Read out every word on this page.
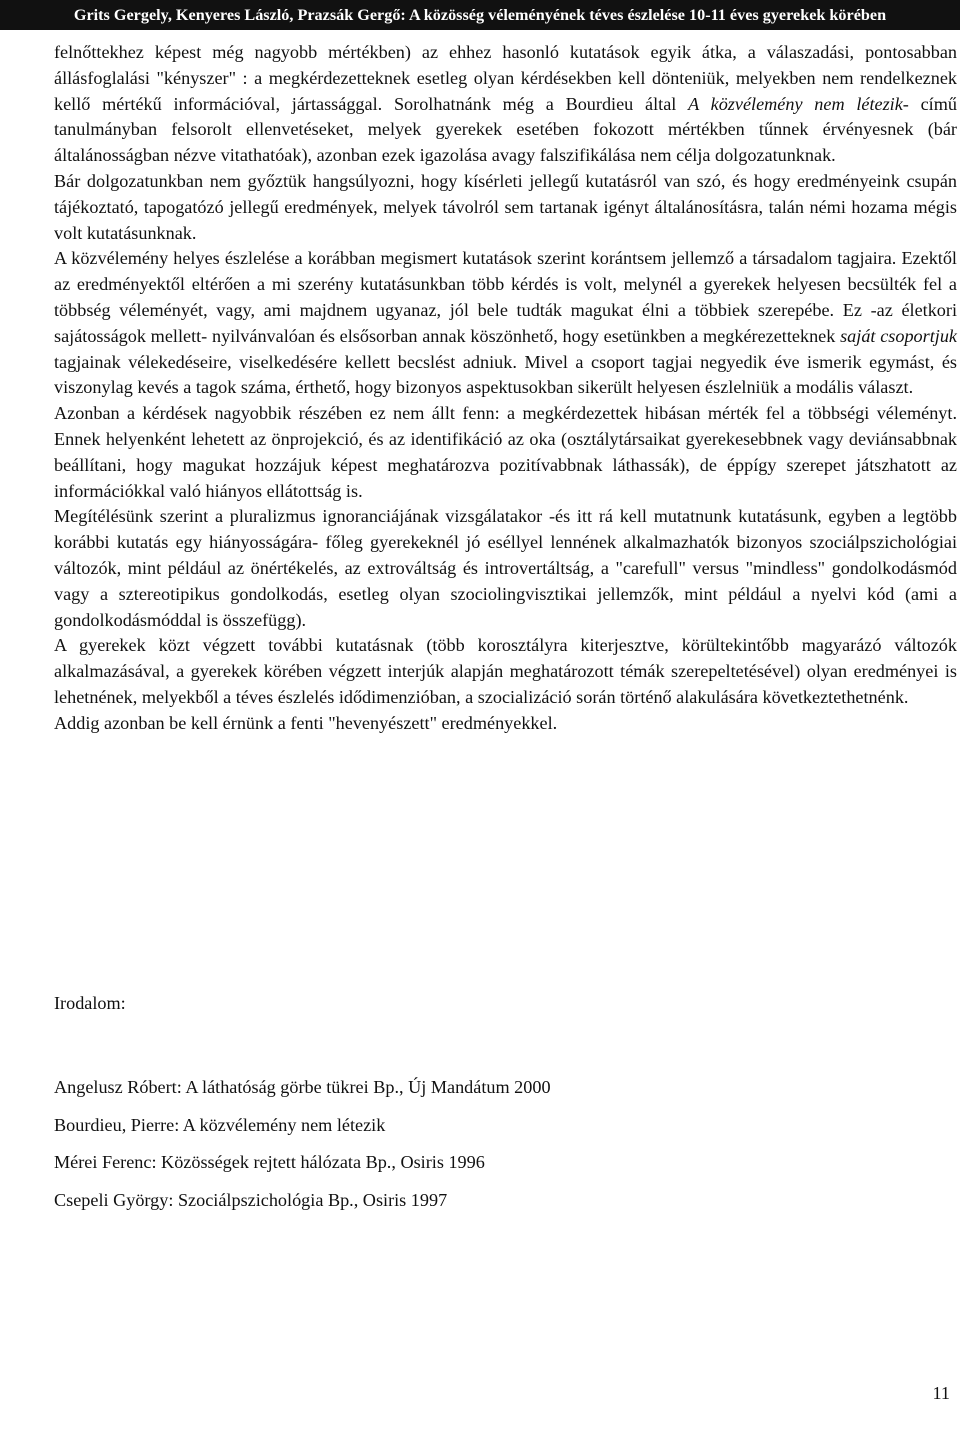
Grits Gergely, Kenyeres László, Prazsák Gergő: A közösség véleményének téves észlelése 10-11 éves gyerekek körében

felnőttekhez képest még nagyobb mértékben) az ehhez hasonló kutatások egyik átka, a válaszadási, pontosabban állásfoglalási "kényszer" : a megkérdezetteknek esetleg olyan kérdésekben kell dönteniük, melyekben nem rendelkeznek kellő mértékű információval, jártassággal. Sorolhatnánk még a Bourdieu által A közvélemény nem létezik- című tanulmányban felsorolt ellenvetéseket, melyek gyerekek esetében fokozott mértékben tűnnek érvényesnek (bár általánosságban nézve vitathatóak), azonban ezek igazolása avagy falszifikálása nem célja dolgozatunknak.

Bár dolgozatunkban nem győztük hangsúlyozni, hogy kísérleti jellegű kutatásról van szó, és hogy eredményeink csupán tájékoztató, tapogatózó jellegű eredmények, melyek távolról sem tartanak igényt általánosításra, talán némi hozama mégis volt kutatásunknak.

A közvélemény helyes észlelése a korábban megismert kutatások szerint korántsem jellemző a társadalom tagjaira. Ezektől az eredményektől eltérően a mi szerény kutatásunkban több kérdés is volt, melynél a gyerekek helyesen becsülték fel a többség véleményét, vagy, ami majdnem ugyanaz, jól bele tudták magukat élni a többiek szerepébe. Ez -az életkori sajátosságok mellett- nyilvánvalóan és elsősorban annak köszönhető, hogy esetünkben a megkérezetteknek saját csoportjuk tagjainak vélekedéseire, viselkedésére kellett becslést adniuk. Mivel a csoport tagjai negyedik éve ismerik egymást, és viszonylag kevés a tagok száma, érthető, hogy bizonyos aspektusokban sikerült helyesen észlelniük a modális választ.

Azonban a kérdések nagyobbik részében ez nem állt fenn: a megkérdezettek hibásan mérték fel a többségi véleményt. Ennek helyenként lehetett az önprojekció, és az identifikáció az oka (osztálytársaikat gyerekesebbnek vagy deviánsabbnak beállítani, hogy magukat hozzájuk képest meghatározva pozitívabbnak láthassák), de éppígy szerepet játszhatott az információkkal való hiányos ellátottság is.

Megítélésünk szerint a pluralizmus ignoranciájának vizsgálatakor -és itt rá kell mutatnunk kutatásunk, egyben a legtöbb korábbi kutatás egy hiányosságára- főleg gyerekeknél jó eséllyel lennének alkalmazhatók bizonyos szociálpszichológiai változók, mint például az önértékelés, az extrováltság és introvertáltság, a "carefull" versus "mindless" gondolkodásmód vagy a sztereotipikus gondolkodás, esetleg olyan szociolingvisztikai jellemzők, mint például a nyelvi kód (ami a gondolkodásmóddal is összefügg).

A gyerekek közt végzett további kutatásnak (több korosztályra kiterjesztve, körültekintőbb magyarázó változók alkalmazásával, a gyerekek körében végzett interjúk alapján meghatározott témák szerepeltetésével) olyan eredményei is lehetnének, melyekből a téves észlelés idődimenzióban, a szocializáció során történő alakulására következtethetnénk.

Addig azonban be kell érnünk a fenti "hevenyészett" eredményekkel.

Irodalom:

Angelusz Róbert: A láthatóság görbe tükrei Bp., Új Mandátum 2000

Bourdieu, Pierre: A közvélemény nem létezik

Mérei Ferenc: Közösségek rejtett hálózata Bp., Osiris 1996

Csepeli György: Szociálpszichológia Bp., Osiris 1997

11
